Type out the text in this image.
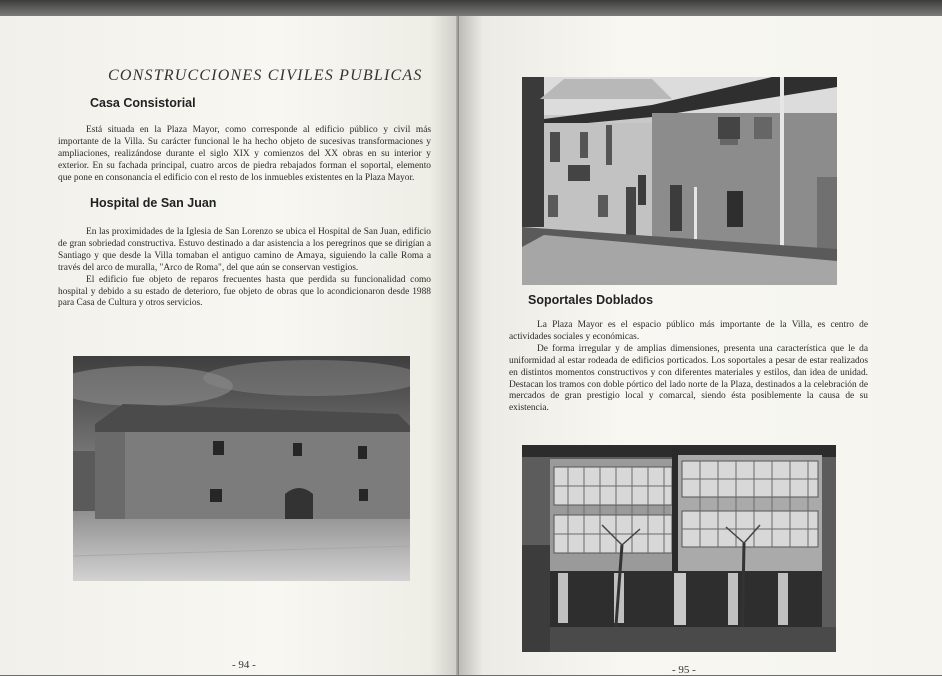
CONSTRUCCIONES CIVILES PUBLICAS
Casa Consistorial
Está situada en la Plaza Mayor, como corresponde al edificio público y civil más importante de la Villa. Su carácter funcional le ha hecho objeto de sucesivas transformaciones y ampliaciones, realizándose durante el siglo XIX y comienzos del XX obras en su interior y exterior. En su fachada principal, cuatro arcos de piedra rebajados forman el soportal, elemento que pone en consonancia el edificio con el resto de los inmuebles existentes en la Plaza Mayor.
Hospital de San Juan
En las proximidades de la Iglesia de San Lorenzo se ubica el Hospital de San Juan, edificio de gran sobriedad constructiva. Estuvo destinado a dar asistencia a los peregrinos que se dirigían a Santiago y que desde la Villa tomaban el antiguo camino de Amaya, siguiendo la calle Roma a través del arco de muralla, "Arco de Roma", del que aún se conservan vestigios.
El edificio fue objeto de reparos frecuentes hasta que perdida su funcionalidad como hospital y debido a su estado de deterioro, fue objeto de obras que lo acondicionaron desde 1988 para Casa de Cultura y otros servicios.
- 94 -
Soportales Doblados
La Plaza Mayor es el espacio público más importante de la Villa, es centro de actividades sociales y económicas.
De forma irregular y de amplias dimensiones, presenta una característica que le da uniformidad al estar rodeada de edificios porticados. Los soportales a pesar de estar realizados en distintos momentos constructivos y con diferentes materiales y estilos, dan idea de unidad. Destacan los tramos con doble pórtico del lado norte de la Plaza, destinados a la celebración de mercados de gran prestigio local y comarcal, siendo ésta posiblemente la causa de su existencia.
- 95 -
